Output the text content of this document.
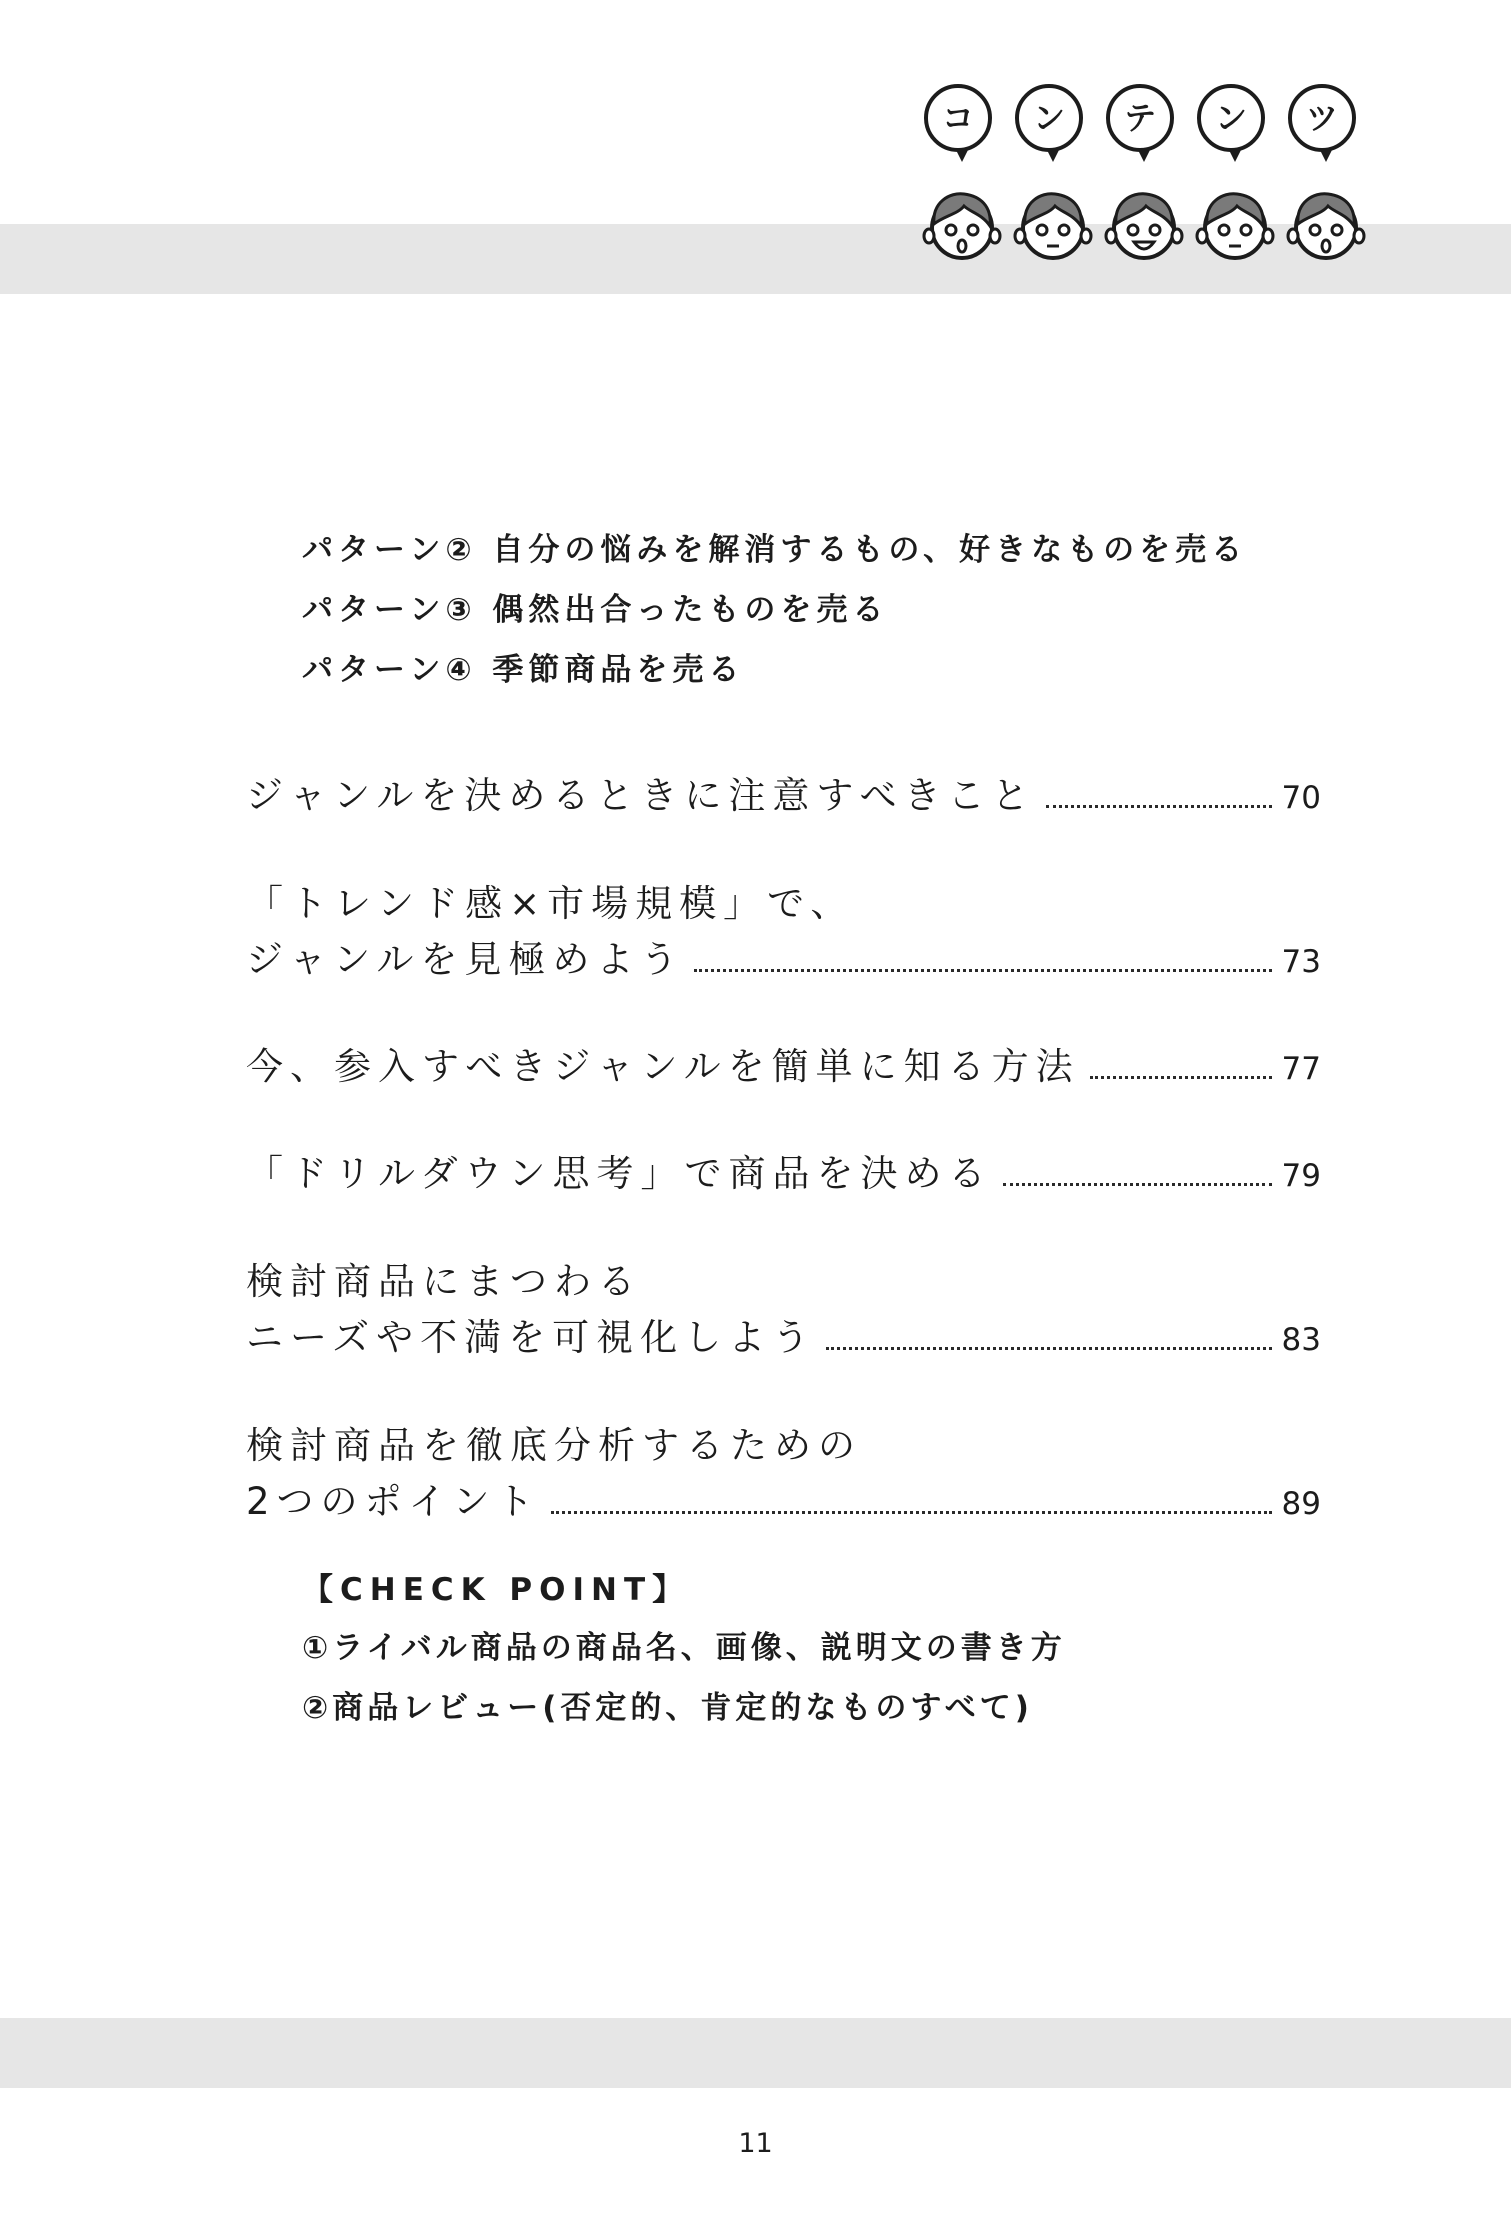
コ	ン	テ	ン	ツ
パターン② 自分の悩みを解消するもの、好きなものを売る
パターン③ 偶然出合ったものを売る
パターン④ 季節商品を売る
ジャンルを決めるときに注意すべきこと	70
「トレンド感×市場規模」で、
ジャンルを見極めよう	73
今、参入すべきジャンルを簡単に知る方法	77
「ドリルダウン思考」で商品を決める	79
検討商品にまつわる
ニーズや不満を可視化しよう	83
検討商品を徹底分析するための
2つのポイント	89
【CHECK POINT】
①ライバル商品の商品名、画像、説明文の書き方
②商品レビュー(否定的、肯定的なものすべて)
11
